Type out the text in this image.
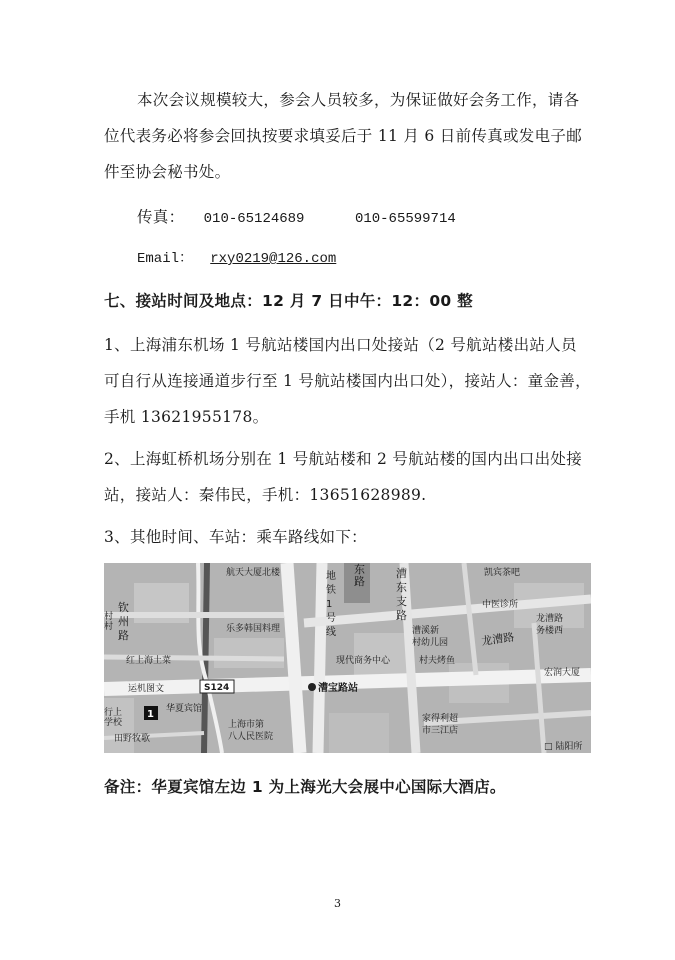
本次会议规模较大，参会人员较多，为保证做好会务工作，请各
位代表务必将参会回执按要求填妥后于 11 月 6 日前传真或发电子邮
件至协会秘书处。
传真： 010-65124689	010-65599714
Email： rxy0219@126.com
七、接站时间及地点：12 月 7 日中午：12：00 整
1、上海浦东机场 1 号航站楼国内出口处接站（2 号航站楼出站人员
可自行从连接通道步行至 1 号航站楼国内出口处），接站人：童金善，
手机 13621955178。
2、上海虹桥机场分别在 1 号航站楼和 2 号航站楼的国内出口出处接
站，接站人：秦伟民，手机：13651628989.
3、其他时间、车站：乘车路线如下：
航天大厦北楼	东
路
凯宾茶吧
钦
州
路
村
地
铁
1
号
线
漕
东
支
路
中医诊所
龙漕路
务楼西
龙漕路
乐多韩国料理	漕溪新
村幼儿园
村
红上海土菜	现代商务中心	村夫烤鱼
宏润大厦
运机图文	S124	漕宝路站
1 华夏宾馆
行上
学校
田野牧歌
上海市第
八人民医院
家得利超
市三江店
□ 陆阳所
备注：华夏宾馆左边 1 为上海光大会展中心国际大酒店。
3
